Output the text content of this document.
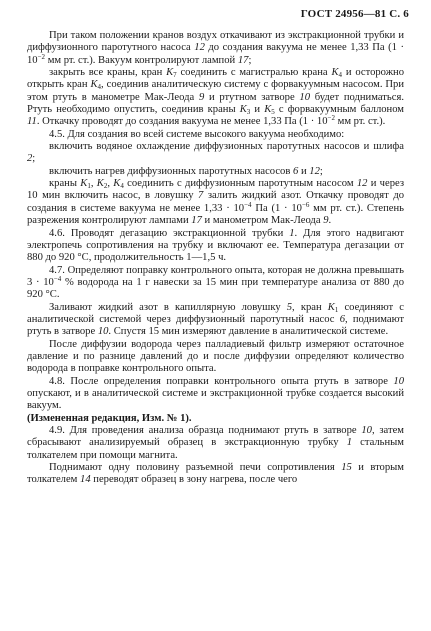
ГОСТ 24956—81 С. 6

При таком положении кранов воздух откачивают из экстракционной трубки и диффузионного паротутного насоса 12 до создания вакуума не менее 1,33 Па ($1 \cdot 10^{-2}$ мм рт. ст.). Вакуум контролируют лампой 17;

закрыть все краны, кран $K_7$ соединить с магистралью крана $K_4$ и осторожно открыть кран $K_4$, соединив аналитическую систему с форвакуумным насосом. При этом ртуть в манометре Мак-Леода 9 и ртутном затворе 10 будет подниматься. Ртуть необходимо опустить, соединив краны $K_3$ и $K_5$ с форвакуумным баллоном 11. Откачку проводят до создания вакуума не менее 1,33 Па ($1 \cdot 10^{-2}$ мм рт. ст.).

4.5. Для создания во всей системе высокого вакуума необходимо:

включить водяное охлаждение диффузионных паротутных насосов и шлифа 2;

включить нагрев диффузионных паротутных насосов 6 и 12;

краны $K_1$, $K_2$, $K_4$ соединить с диффузионным паротутным насосом 12 и через 10 мин включить насос, в ловушку 7 залить жидкий азот. Откачку проводят до создания в системе вакуума не менее $1,33 \cdot 10^{-4}$ Па ($1 \cdot 10^{-6}$ мм рт. ст.). Степень разрежения контролируют лампами 17 и манометром Мак-Леода 9.

4.6. Проводят дегазацию экстракционной трубки 1. Для этого надвигают электропечь сопротивления на трубку и включают ее. Температура дегазации от 880 до 920 °С, продолжительность 1—1,5 ч.

4.7. Определяют поправку контрольного опыта, которая не должна превышать $3 \cdot 10^{-4}$ % водорода на 1 г навески за 15 мин при температуре анализа от 880 до 920 °С.

Заливают жидкий азот в капиллярную ловушку 5, кран $K_1$ соединяют с аналитической системой через диффузионный паротутный насос 6, поднимают ртуть в затворе 10. Спустя 15 мин измеряют давление в аналитической системе.

После диффузии водорода через палладиевый фильтр измеряют остаточное давление и по разнице давлений до и после диффузии определяют количество водорода в поправке контрольного опыта.

4.8. После определения поправки контрольного опыта ртуть в затворе 10 опускают, и в аналитической системе и экстракционной трубке создается высокий вакуум.

(Измененная редакция, Изм. № 1).

4.9. Для проведения анализа образца поднимают ртуть в затворе 10, затем сбрасывают анализируемый образец в экстракционную трубку 1 стальным толкателем при помощи магнита.

Поднимают одну половину разъемной печи сопротивления 15 и вторым толкателем 14 переводят образец в зону нагрева, после чего
